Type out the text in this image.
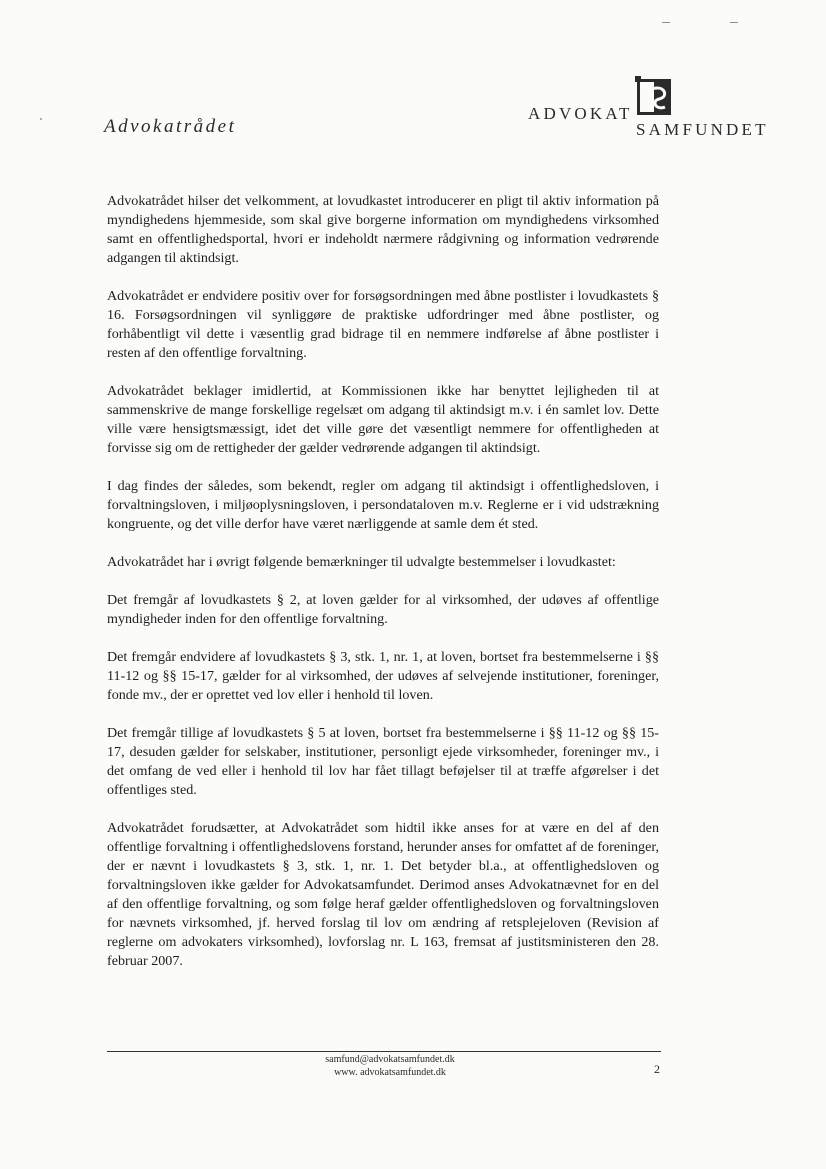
Advokatrådet
ADVOKAT
SAMFUNDET

Advokatrådet hilser det velkomment, at lovudkastet introducerer en pligt til aktiv information på myndighedens hjemmeside, som skal give borgerne information om myndighedens virksomhed samt en offentlighedsportal, hvori er indeholdt nærmere rådgivning og information vedrørende adgangen til aktindsigt.

Advokatrådet er endvidere positiv over for forsøgsordningen med åbne postlister i lovudkastets § 16. Forsøgsordningen vil synliggøre de praktiske udfordringer med åbne postlister, og forhåbentligt vil dette i væsentlig grad bidrage til en nemmere indførelse af åbne postlister i resten af den offentlige forvaltning.

Advokatrådet beklager imidlertid, at Kommissionen ikke har benyttet lejligheden til at sammenskrive de mange forskellige regelsæt om adgang til aktindsigt m.v. i én samlet lov. Dette ville være hensigtsmæssigt, idet det ville gøre det væsentligt nemmere for offentligheden at forvisse sig om de rettigheder der gælder vedrørende adgangen til aktindsigt.

I dag findes der således, som bekendt, regler om adgang til aktindsigt i offentlighedsloven, i forvaltningsloven, i miljøoplysningsloven, i persondataloven m.v. Reglerne er i vid udstrækning kongruente, og det ville derfor have været nærliggende at samle dem ét sted.

Advokatrådet har i øvrigt følgende bemærkninger til udvalgte bestemmelser i lovudkastet:

Det fremgår af lovudkastets § 2, at loven gælder for al virksomhed, der udøves af offentlige myndigheder inden for den offentlige forvaltning.

Det fremgår endvidere af lovudkastets § 3, stk. 1, nr. 1, at loven, bortset fra bestemmelserne i §§ 11-12 og §§ 15-17, gælder for al virksomhed, der udøves af selvejende institutioner, foreninger, fonde mv., der er oprettet ved lov eller i henhold til loven.

Det fremgår tillige af lovudkastets § 5 at loven, bortset fra bestemmelserne i §§ 11-12 og §§ 15-17, desuden gælder for selskaber, institutioner, personligt ejede virksomheder, foreninger mv., i det omfang de ved eller i henhold til lov har fået tillagt beføjelser til at træffe afgørelser i det offentliges sted.

Advokatrådet forudsætter, at Advokatrådet som hidtil ikke anses for at være en del af den offentlige forvaltning i offentlighedslovens forstand, herunder anses for omfattet af de foreninger, der er nævnt i lovudkastets § 3, stk. 1, nr. 1. Det betyder bl.a., at offentlighedsloven og forvaltningsloven ikke gælder for Advokatsamfundet. Derimod anses Advokatnævnet for en del af den offentlige forvaltning, og som følge heraf gælder offentlighedsloven og forvaltningsloven for nævnets virksomhed, jf. herved forslag til lov om ændring af retsplejeloven (Revision af reglerne om advokaters virksomhed), lovforslag nr. L 163, fremsat af justitsministeren den 28. februar 2007.

samfund@advokatsamfundet.dk
www. advokatsamfundet.dk	2
